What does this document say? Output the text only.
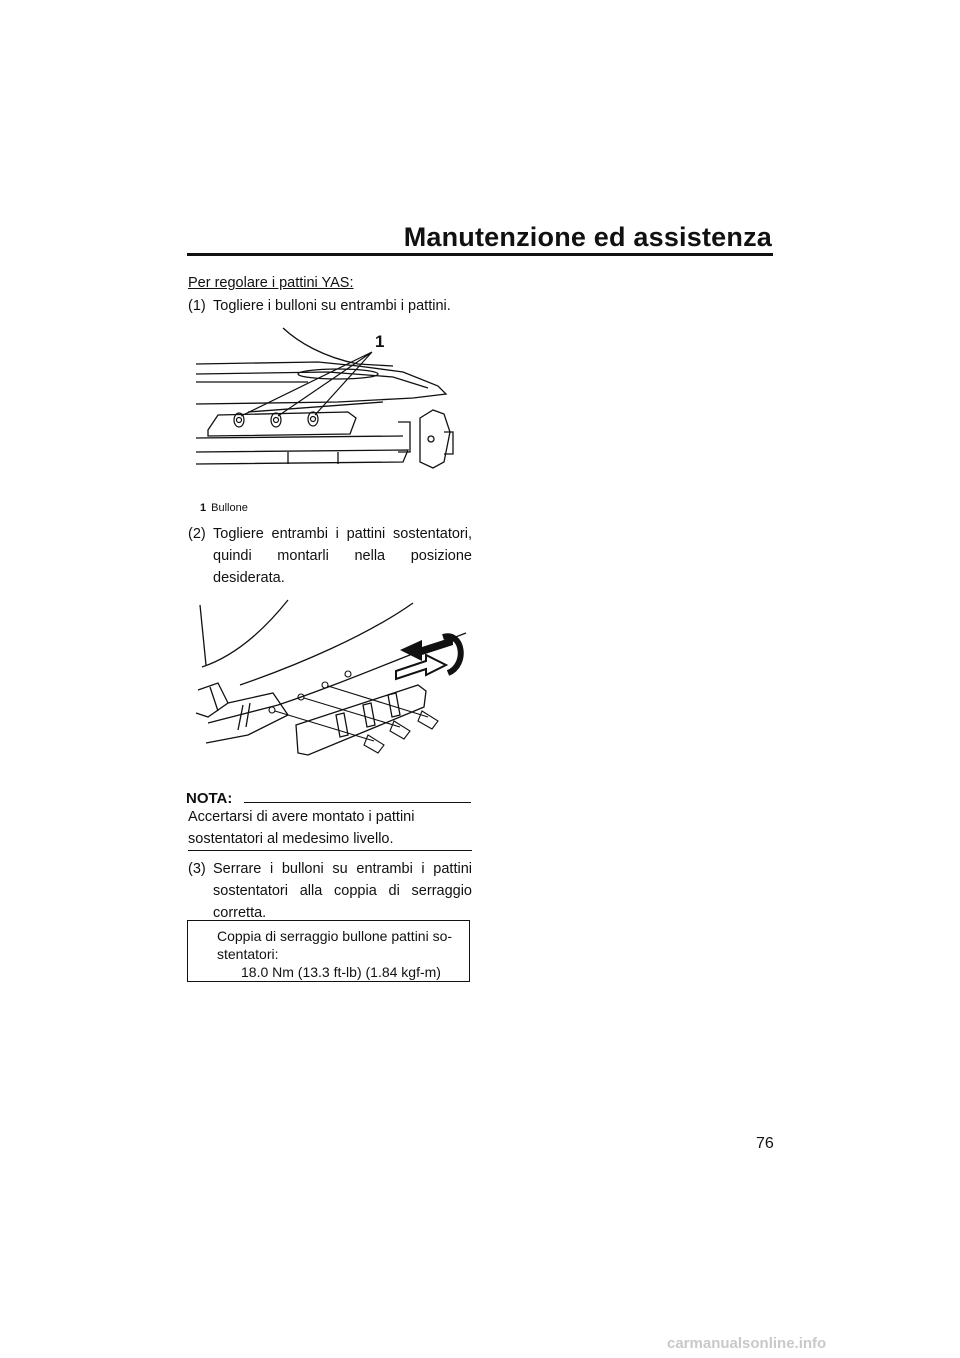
Manutenzione ed assistenza
Per regolare i pattini YAS:
(1) Togliere i bulloni su entrambi i pattini.
1
1 Bullone
(2) Togliere entrambi i pattini sostentatori, quindi montarli nella posizione desiderata.
NOTA:
Accertarsi di avere montato i pattini sostentatori al medesimo livello.
(3) Serrare i bulloni su entrambi i pattini sostentatori alla coppia di serraggio corretta.
Coppia di serraggio bullone pattini sostentatori:
18.0 Nm (13.3 ft-lb) (1.84 kgf-m)
76
carmanualsonline.info
